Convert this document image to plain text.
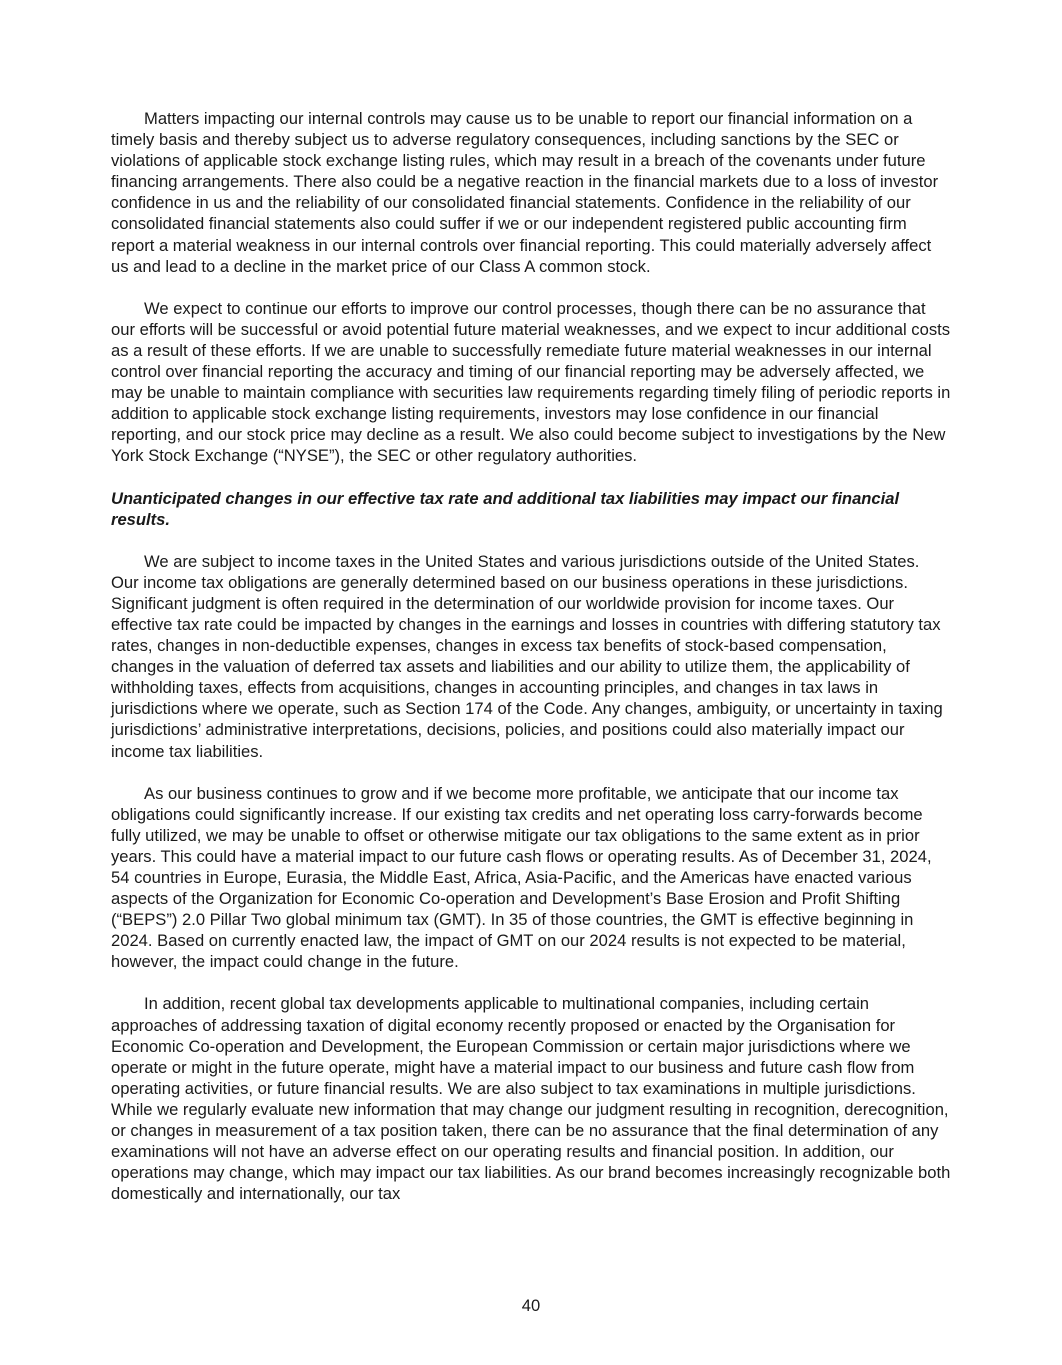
Matters impacting our internal controls may cause us to be unable to report our financial information on a timely basis and thereby subject us to adverse regulatory consequences, including sanctions by the SEC or violations of applicable stock exchange listing rules, which may result in a breach of the covenants under future financing arrangements. There also could be a negative reaction in the financial markets due to a loss of investor confidence in us and the reliability of our consolidated financial statements. Confidence in the reliability of our consolidated financial statements also could suffer if we or our independent registered public accounting firm report a material weakness in our internal controls over financial reporting. This could materially adversely affect us and lead to a decline in the market price of our Class A common stock.

We expect to continue our efforts to improve our control processes, though there can be no assurance that our efforts will be successful or avoid potential future material weaknesses, and we expect to incur additional costs as a result of these efforts. If we are unable to successfully remediate future material weaknesses in our internal control over financial reporting the accuracy and timing of our financial reporting may be adversely affected, we may be unable to maintain compliance with securities law requirements regarding timely filing of periodic reports in addition to applicable stock exchange listing requirements, investors may lose confidence in our financial reporting, and our stock price may decline as a result. We also could become subject to investigations by the New York Stock Exchange (“NYSE”), the SEC or other regulatory authorities.

Unanticipated changes in our effective tax rate and additional tax liabilities may impact our financial results.

We are subject to income taxes in the United States and various jurisdictions outside of the United States. Our income tax obligations are generally determined based on our business operations in these jurisdictions. Significant judgment is often required in the determination of our worldwide provision for income taxes. Our effective tax rate could be impacted by changes in the earnings and losses in countries with differing statutory tax rates, changes in non-deductible expenses, changes in excess tax benefits of stock-based compensation, changes in the valuation of deferred tax assets and liabilities and our ability to utilize them, the applicability of withholding taxes, effects from acquisitions, changes in accounting principles, and changes in tax laws in jurisdictions where we operate, such as Section 174 of the Code. Any changes, ambiguity, or uncertainty in taxing jurisdictions’ administrative interpretations, decisions, policies, and positions could also materially impact our income tax liabilities.

As our business continues to grow and if we become more profitable, we anticipate that our income tax obligations could significantly increase. If our existing tax credits and net operating loss carry-forwards become fully utilized, we may be unable to offset or otherwise mitigate our tax obligations to the same extent as in prior years. This could have a material impact to our future cash flows or operating results. As of December 31, 2024, 54 countries in Europe, Eurasia, the Middle East, Africa, Asia-Pacific, and the Americas have enacted various aspects of the Organization for Economic Co-operation and Development’s Base Erosion and Profit Shifting (“BEPS”) 2.0 Pillar Two global minimum tax (GMT). In 35 of those countries, the GMT is effective beginning in 2024. Based on currently enacted law, the impact of GMT on our 2024 results is not expected to be material, however, the impact could change in the future.

In addition, recent global tax developments applicable to multinational companies, including certain approaches of addressing taxation of digital economy recently proposed or enacted by the Organisation for Economic Co-operation and Development, the European Commission or certain major jurisdictions where we operate or might in the future operate, might have a material impact to our business and future cash flow from operating activities, or future financial results. We are also subject to tax examinations in multiple jurisdictions. While we regularly evaluate new information that may change our judgment resulting in recognition, derecognition, or changes in measurement of a tax position taken, there can be no assurance that the final determination of any examinations will not have an adverse effect on our operating results and financial position. In addition, our operations may change, which may impact our tax liabilities. As our brand becomes increasingly recognizable both domestically and internationally, our tax

40
